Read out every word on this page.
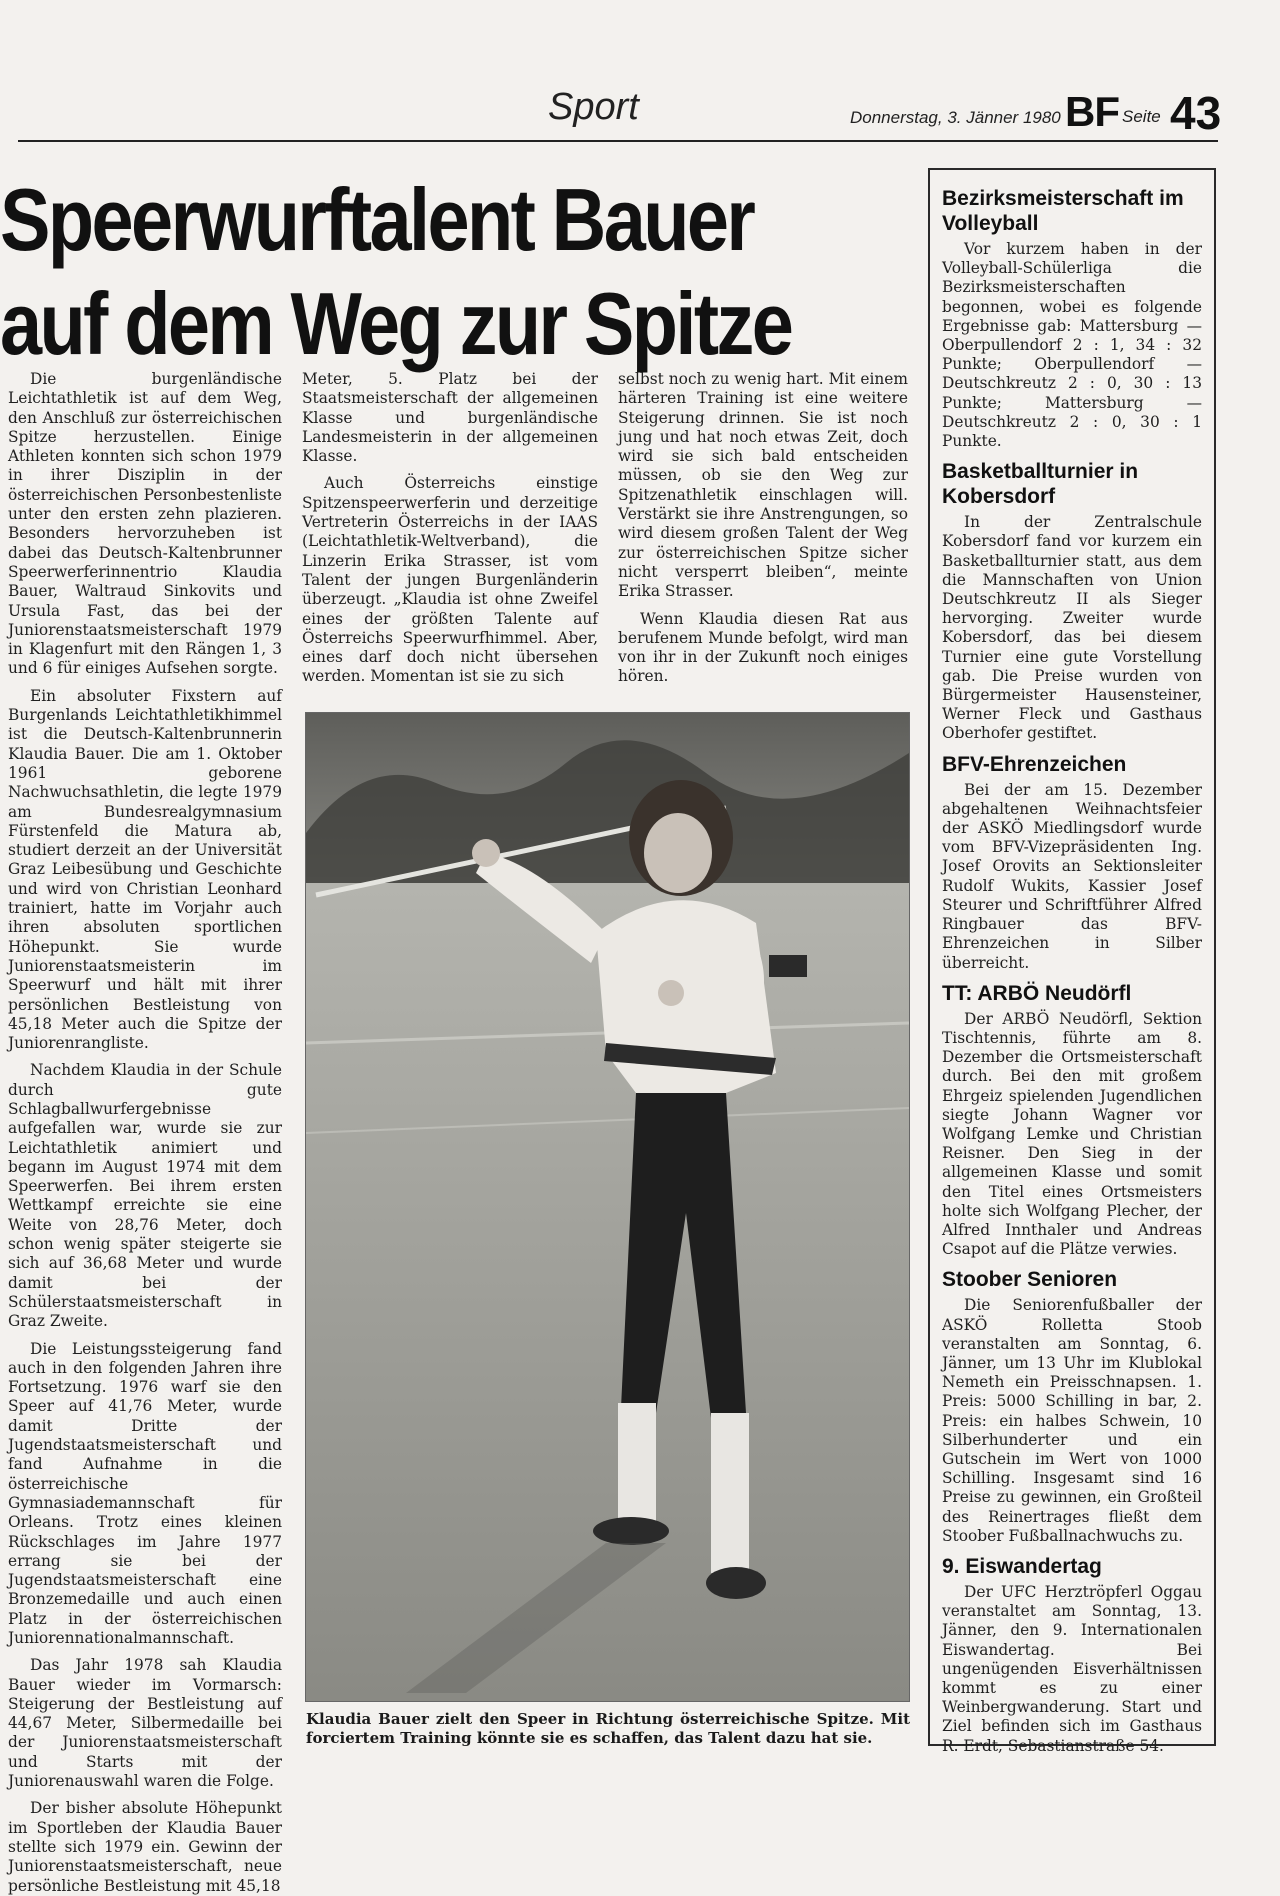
Sport	Donnerstag, 3. Jänner 1980 BF Seite 43
Speerwurftalent Bauer
auf dem Weg zur Spitze

Die burgenländische Leichtathletik ist auf dem Weg, den Anschluß zur österreichischen Spitze herzustellen. Einige Athleten konnten sich schon 1979 in ihrer Disziplin in der österreichischen Personbestenliste unter den ersten zehn plazieren. Besonders hervorzuheben ist dabei das Deutsch-Kaltenbrunner Speerwerferinnentrio Klaudia Bauer, Waltraud Sinkovits und Ursula Fast, das bei der Juniorenstaatsmeisterschaft 1979 in Klagenfurt mit den Rängen 1, 3 und 6 für einiges Aufsehen sorgte.

Ein absoluter Fixstern auf Burgenlands Leichtathletikhimmel ist die Deutsch-Kaltenbrunnerin Klaudia Bauer. Die am 1. Oktober 1961 geborene Nachwuchsathletin, die legte 1979 am Bundesrealgymnasium Fürstenfeld die Matura ab, studiert derzeit an der Universität Graz Leibesübung und Geschichte und wird von Christian Leonhard trainiert, hatte im Vorjahr auch ihren absoluten sportlichen Höhepunkt. Sie wurde Juniorenstaatsmeisterin im Speerwurf und hält mit ihrer persönlichen Bestleistung von 45,18 Meter auch die Spitze der Juniorenrangliste.

Nachdem Klaudia in der Schule durch gute Schlagballwurfergebnisse aufgefallen war, wurde sie zur Leichtathletik animiert und begann im August 1974 mit dem Speerwerfen. Bei ihrem ersten Wettkampf erreichte sie eine Weite von 28,76 Meter, doch schon wenig später steigerte sie sich auf 36,68 Meter und wurde damit bei der Schülerstaatsmeisterschaft in Graz Zweite.

Die Leistungssteigerung fand auch in den folgenden Jahren ihre Fortsetzung. 1976 warf sie den Speer auf 41,76 Meter, wurde damit Dritte der Jugendstaatsmeisterschaft und fand Aufnahme in die österreichische Gymnasiademannschaft für Orleans. Trotz eines kleinen Rückschlages im Jahre 1977 errang sie bei der Jugendstaatsmeisterschaft eine Bronzemedaille und auch einen Platz in der österreichischen Juniorennationalmannschaft.

Das Jahr 1978 sah Klaudia Bauer wieder im Vormarsch: Steigerung der Bestleistung auf 44,67 Meter, Silbermedaille bei der Juniorenstaatsmeisterschaft und Starts mit der Juniorenauswahl waren die Folge.

Der bisher absolute Höhepunkt im Sportleben der Klaudia Bauer stellte sich 1979 ein. Gewinn der Juniorenstaatsmeisterschaft, neue persönliche Bestleistung mit 45,18

Meter, 5. Platz bei der Staatsmeisterschaft der allgemeinen Klasse und burgenländische Landesmeisterin in der allgemeinen Klasse.

Auch Österreichs einstige Spitzenspeerwerferin und derzeitige Vertreterin Österreichs in der IAAS (Leichtathletik-Weltverband), die Linzerin Erika Strasser, ist vom Talent der jungen Burgenländerin überzeugt. „Klaudia ist ohne Zweifel eines der größten Talente auf Österreichs Speerwurfhimmel. Aber, eines darf doch nicht übersehen werden. Momentan ist sie zu sich

selbst noch zu wenig hart. Mit einem härteren Training ist eine weitere Steigerung drinnen. Sie ist noch jung und hat noch etwas Zeit, doch wird sie sich bald entscheiden müssen, ob sie den Weg zur Spitzenathletik einschlagen will. Verstärkt sie ihre Anstrengungen, so wird diesem großen Talent der Weg zur österreichischen Spitze sicher nicht versperrt bleiben“, meinte Erika Strasser.

Wenn Klaudia diesen Rat aus berufenem Munde befolgt, wird man von ihr in der Zukunft noch einiges hören.

Klaudia Bauer zielt den Speer in Richtung österreichische Spitze. Mit forciertem Training könnte sie es schaffen, das Talent dazu hat sie.
Bezirksmeisterschaft im Volleyball

Vor kurzem haben in der Volleyball-Schülerliga die Bezirksmeisterschaften begonnen, wobei es folgende Ergebnisse gab: Mattersburg — Oberpullendorf 2 : 1, 34 : 32 Punkte; Oberpullendorf — Deutschkreutz 2 : 0, 30 : 13 Punkte; Mattersburg — Deutschkreutz 2 : 0, 30 : 1 Punkte.

Basketballturnier in Kobersdorf

In der Zentralschule Kobersdorf fand vor kurzem ein Basketballturnier statt, aus dem die Mannschaften von Union Deutschkreutz II als Sieger hervorging. Zweiter wurde Kobersdorf, das bei diesem Turnier eine gute Vorstellung gab. Die Preise wurden von Bürgermeister Hausensteiner, Werner Fleck und Gasthaus Oberhofer gestiftet.

BFV-Ehrenzeichen

Bei der am 15. Dezember abgehaltenen Weihnachtsfeier der ASKÖ Miedlingsdorf wurde vom BFV-Vizepräsidenten Ing. Josef Orovits an Sektionsleiter Rudolf Wukits, Kassier Josef Steurer und Schriftführer Alfred Ringbauer das BFV-Ehrenzeichen in Silber überreicht.

TT: ARBÖ Neudörfl

Der ARBÖ Neudörfl, Sektion Tischtennis, führte am 8. Dezember die Ortsmeisterschaft durch. Bei den mit großem Ehrgeiz spielenden Jugendlichen siegte Johann Wagner vor Wolfgang Lemke und Christian Reisner. Den Sieg in der allgemeinen Klasse und somit den Titel eines Ortsmeisters holte sich Wolfgang Plecher, der Alfred Innthaler und Andreas Csapot auf die Plätze verwies.

Stoober Senioren

Die Seniorenfußballer der ASKÖ Rolletta Stoob veranstalten am Sonntag, 6. Jänner, um 13 Uhr im Klublokal Nemeth ein Preisschnapsen. 1. Preis: 5000 Schilling in bar, 2. Preis: ein halbes Schwein, 10 Silberhunderter und ein Gutschein im Wert von 1000 Schilling. Insgesamt sind 16 Preise zu gewinnen, ein Großteil des Reinertrages fließt dem Stoober Fußballnachwuchs zu.

9. Eiswandertag

Der UFC Herztröpferl Oggau veranstaltet am Sonntag, 13. Jänner, den 9. Internationalen Eiswandertag. Bei ungenügenden Eisverhältnissen kommt es zu einer Weinbergwanderung. Start und Ziel befinden sich im Gasthaus R. Erdt, Sebastianstraße 54.
